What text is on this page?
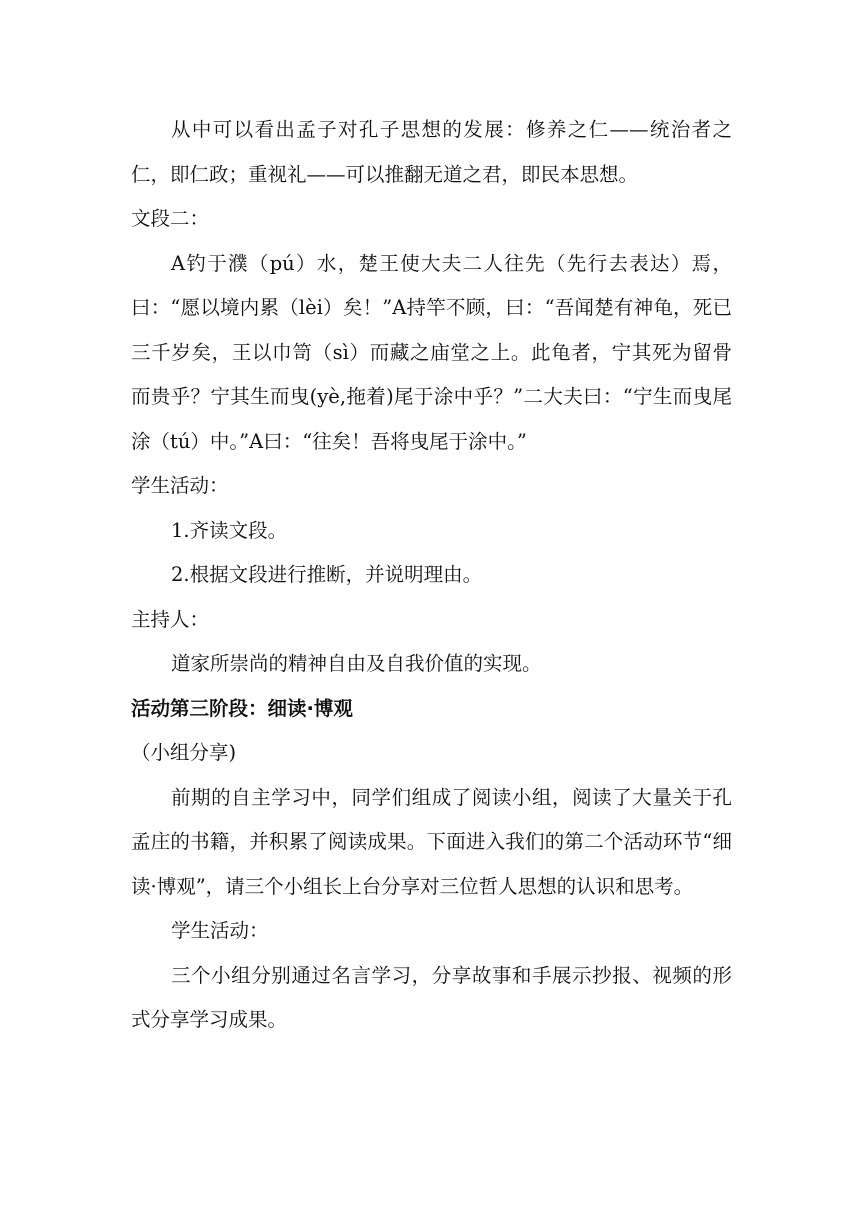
从中可以看出孟子对孔子思想的发展：修养之仁——统治者之仁，即仁政；重视礼——可以推翻无道之君，即民本思想。

文段二：

A钓于濮（pú）水，楚王使大夫二人往先（先行去表达）焉，曰：“愿以境内累（lèi）矣！”A持竿不顾，曰：“吾闻楚有神龟，死已三千岁矣，王以巾笥（sì）而藏之庙堂之上。此龟者，宁其死为留骨而贵乎？宁其生而曳(yè,拖着)尾于涂中乎？”二大夫曰：“宁生而曳尾涂（tú）中。”A曰：“往矣！吾将曳尾于涂中。”

学生活动：

1.齐读文段。

2.根据文段进行推断，并说明理由。

主持人：

道家所崇尚的精神自由及自我价值的实现。

活动第三阶段：细读·博观

（小组分享)

前期的自主学习中，同学们组成了阅读小组，阅读了大量关于孔孟庄的书籍，并积累了阅读成果。下面进入我们的第二个活动环节“细读·博观”，请三个小组长上台分享对三位哲人思想的认识和思考。

学生活动：

三个小组分别通过名言学习，分享故事和手展示抄报、视频的形式分享学习成果。
